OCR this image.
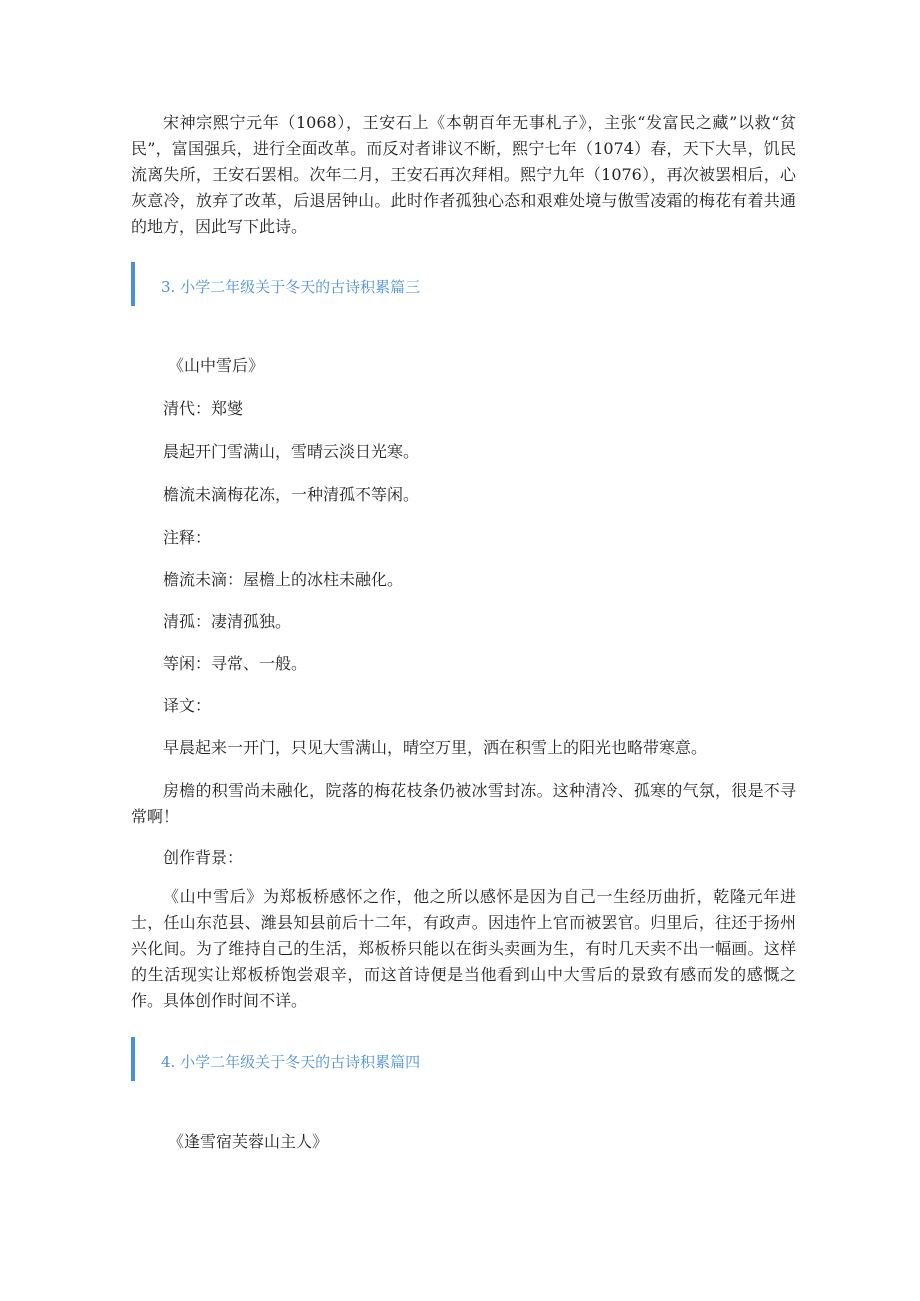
宋神宗熙宁元年（1068），王安石上《本朝百年无事札子》，主张“发富民之藏”以救“贫民”，富国强兵，进行全面改革。而反对者诽议不断，熙宁七年（1074）春，天下大旱，饥民流离失所，王安石罢相。次年二月，王安石再次拜相。熙宁九年（1076），再次被罢相后，心灰意冷，放弃了改革，后退居钟山。此时作者孤独心态和艰难处境与傲雪凌霜的梅花有着共通的地方，因此写下此诗。

3. 小学二年级关于冬天的古诗积累篇三

《山中雪后》

清代：郑燮

晨起开门雪满山，雪晴云淡日光寒。

檐流未滴梅花冻，一种清孤不等闲。

注释：

檐流未滴：屋檐上的冰柱未融化。

清孤：凄清孤独。

等闲：寻常、一般。

译文：

早晨起来一开门，只见大雪满山，晴空万里，洒在积雪上的阳光也略带寒意。

房檐的积雪尚未融化，院落的梅花枝条仍被冰雪封冻。这种清冷、孤寒的气氛，很是不寻常啊！

创作背景：

《山中雪后》为郑板桥感怀之作，他之所以感怀是因为自己一生经历曲折，乾隆元年进士，任山东范县、潍县知县前后十二年，有政声。因违忤上官而被罢官。归里后，往还于扬州兴化间。为了维持自己的生活，郑板桥只能以在街头卖画为生，有时几天卖不出一幅画。这样的生活现实让郑板桥饱尝艰辛，而这首诗便是当他看到山中大雪后的景致有感而发的感慨之作。具体创作时间不详。

4. 小学二年级关于冬天的古诗积累篇四

《逢雪宿芙蓉山主人》
